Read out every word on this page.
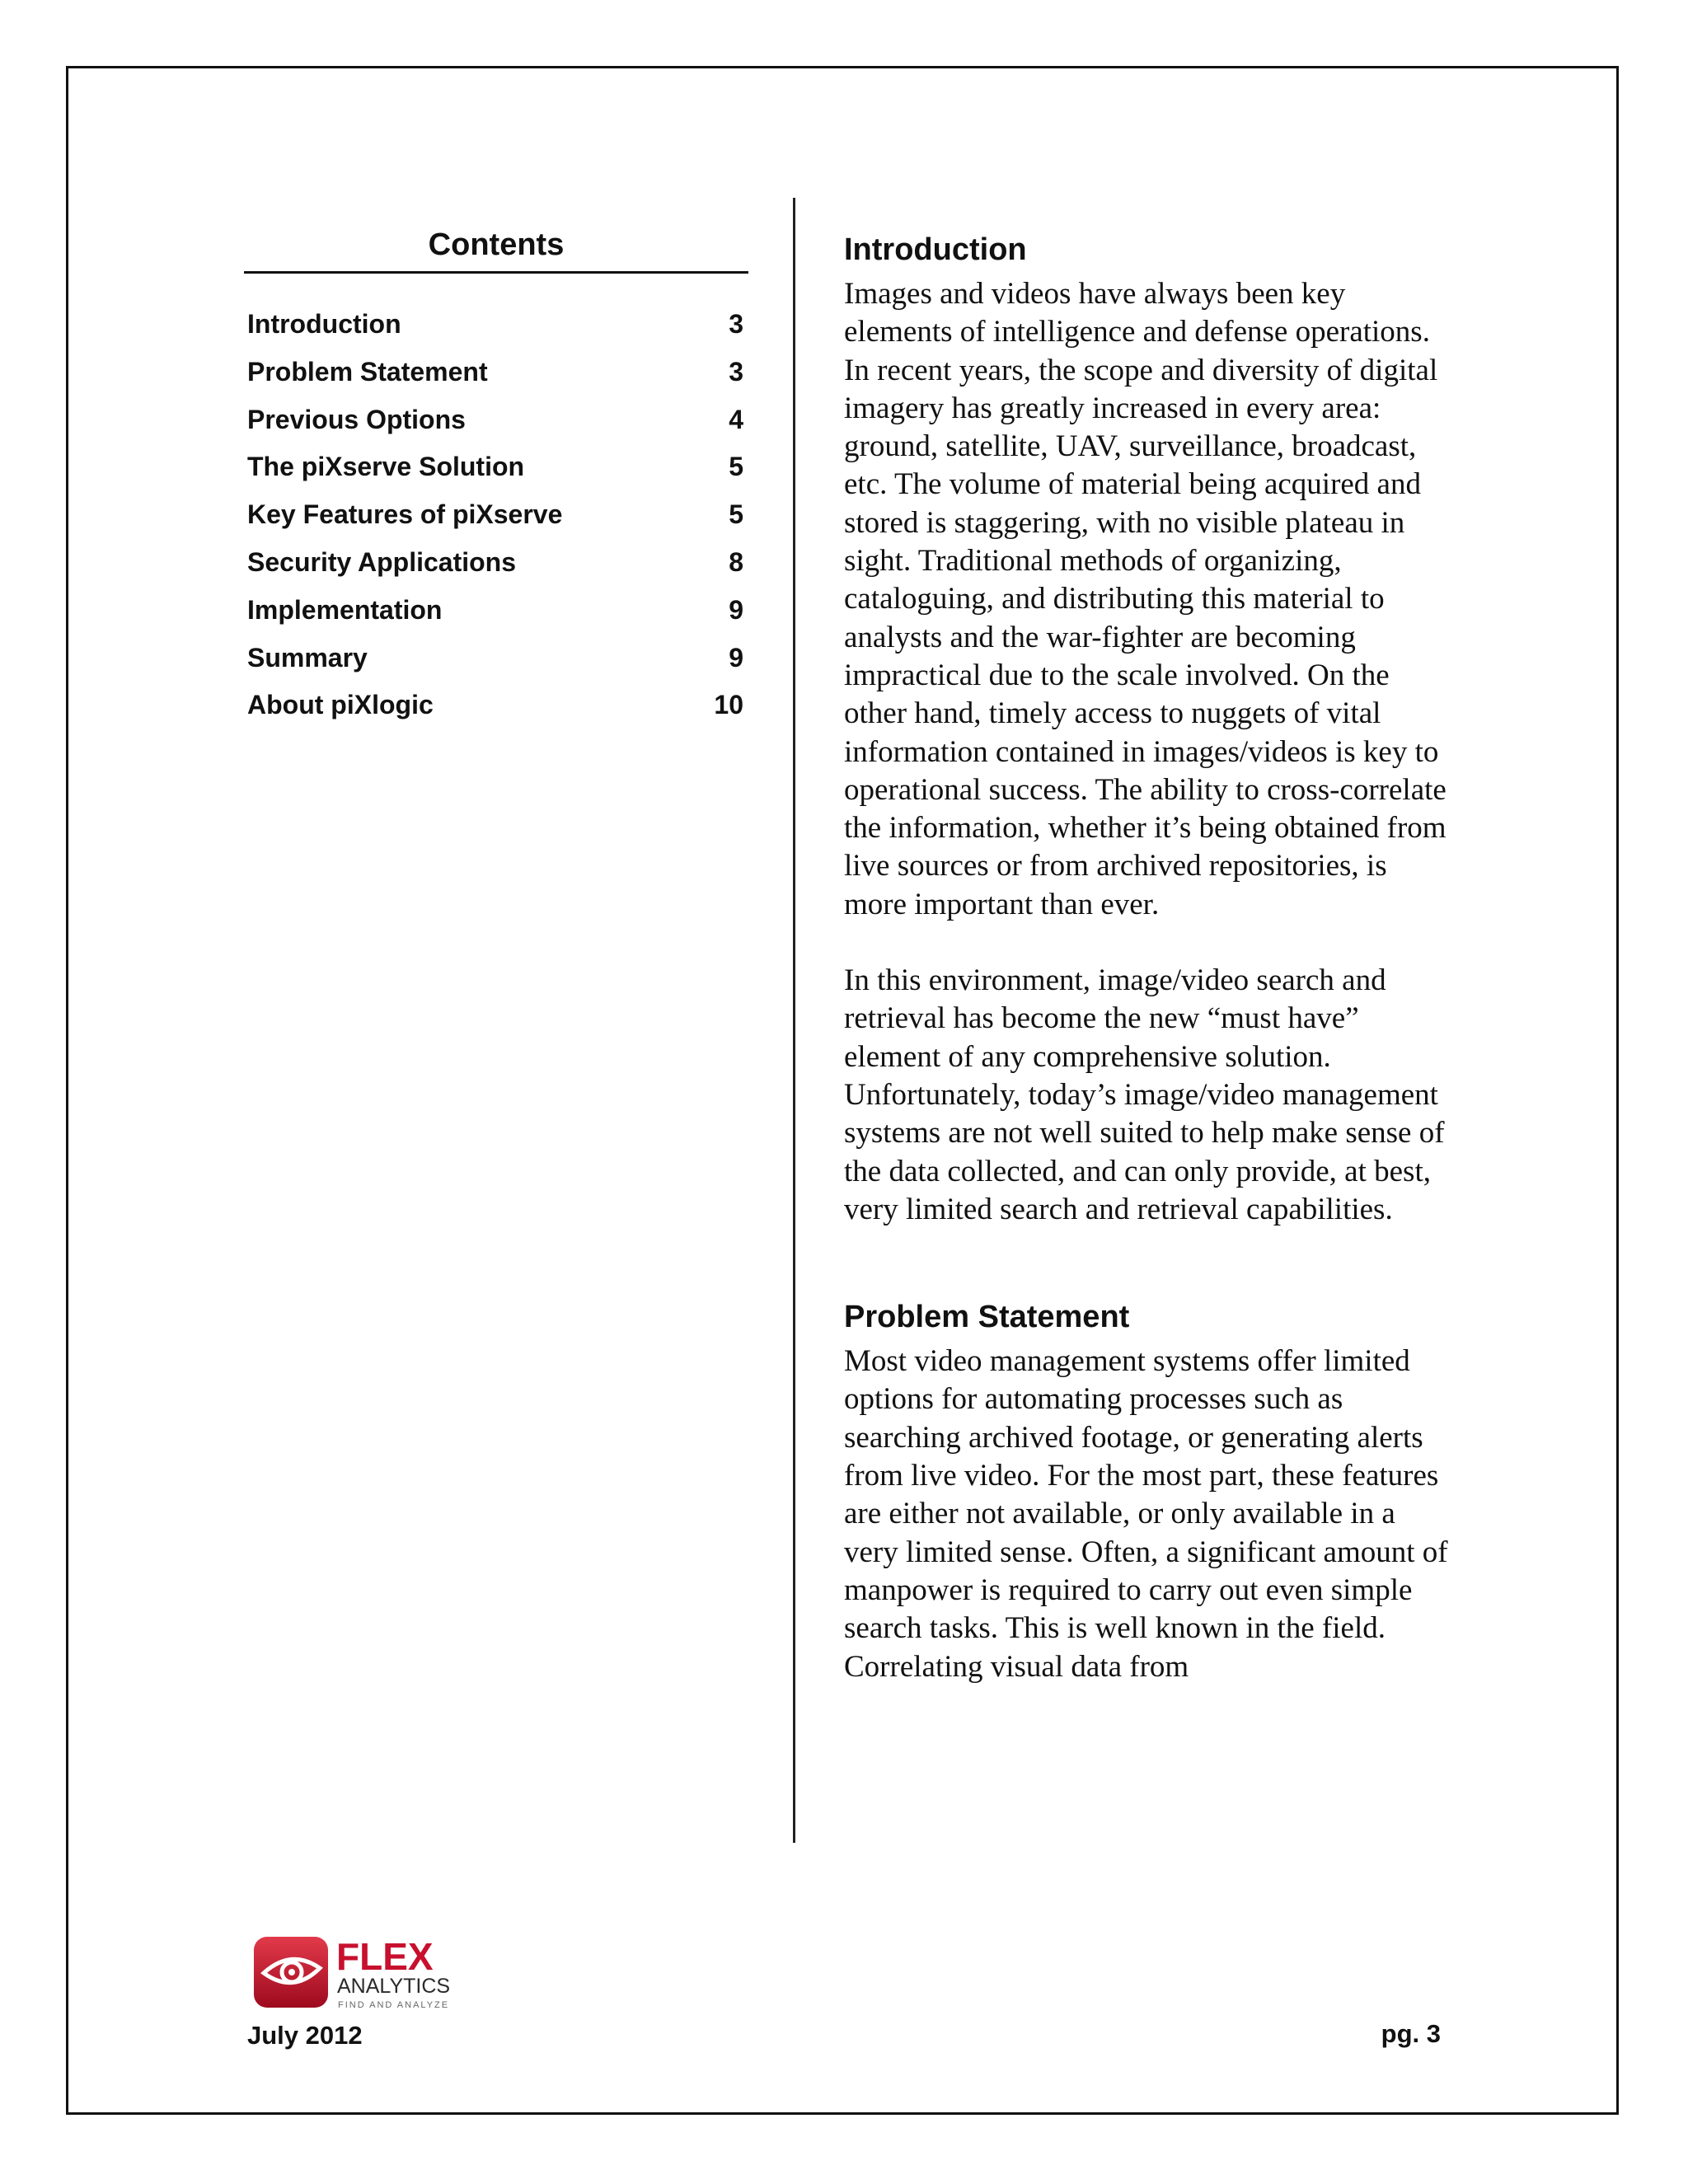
Contents
Introduction	3
Problem Statement	3
Previous Options	4
The piXserve Solution	5
Key Features of piXserve	5
Security Applications	8
Implementation	9
Summary	9
About piXlogic	10
Introduction

Images and videos have always been key elements of intelligence and defense operations. In recent years, the scope and diversity of digital imagery has greatly increased in every area: ground, satellite, UAV, surveillance, broadcast, etc. The volume of material being acquired and stored is staggering, with no visible plateau in sight. Traditional methods of organizing, cataloguing, and distributing this material to analysts and the war-fighter are becoming impractical due to the scale involved. On the other hand, timely access to nuggets of vital information contained in images/videos is key to operational success. The ability to cross-correlate the information, whether it’s being obtained from live sources or from archived repositories, is more important than ever.

In this environment, image/video search and retrieval has become the new “must have” element of any comprehensive solution. Unfortunately, today’s image/video management systems are not well suited to help make sense of the data collected, and can only provide, at best, very limited search and retrieval capabilities.

Problem Statement

Most video management systems offer limited options for automating processes such as searching archived footage, or generating alerts from live video. For the most part, these features are either not available, or only available in a very limited sense. Often, a significant amount of manpower is required to carry out even simple search tasks. This is well known in the field. Correlating visual data from

FLEX
ANALYTICS
FIND AND ANALYZE
July 2012	pg. 3
